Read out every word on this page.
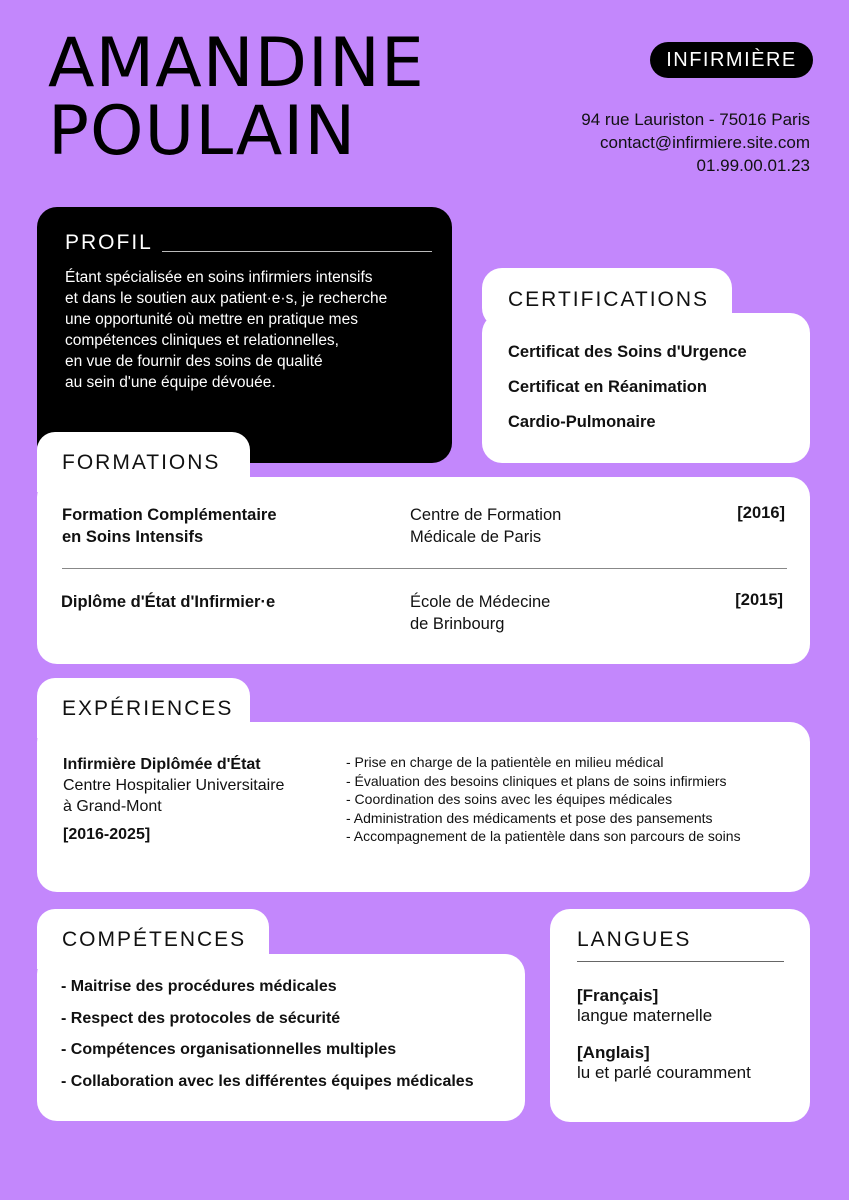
AMANDINE
POULAIN
INFIRMIÈRE
94 rue Lauriston - 75016 Paris
contact@infirmiere.site.com
01.99.00.01.23
PROFIL

Étant spécialisée en soins infirmiers intensifs
et dans le soutien aux patient·e·s, je recherche
une opportunité où mettre en pratique mes
compétences cliniques et relationnelles,
en vue de fournir des soins de qualité
au sein d'une équipe dévouée.

CERTIFICATIONS
Certificat des Soins d'Urgence
Certificat en Réanimation
Cardio-Pulmonaire
FORMATIONS
Formation Complémentaire
en Soins Intensifs
Centre de Formation
Médicale de Paris
[2016]
Diplôme d'État d'Infirmier·e	École de Médecine
de Brinbourg
[2015]
EXPÉRIENCES
Infirmière Diplômée d'État
Centre Hospitalier Universitaire
à Grand-Mont
[2016-2025]
- Prise en charge de la patientèle en milieu médical
- Évaluation des besoins cliniques et plans de soins infirmiers
- Coordination des soins avec les équipes médicales
- Administration des médicaments et pose des pansements
- Accompagnement de la patientèle dans son parcours de soins
COMPÉTENCES
- Maitrise des procédures médicales
- Respect des protocoles de sécurité
- Compétences organisationnelles multiples
- Collaboration avec les différentes équipes médicales
LANGUES
[Français]
langue maternelle
[Anglais]
lu et parlé couramment
